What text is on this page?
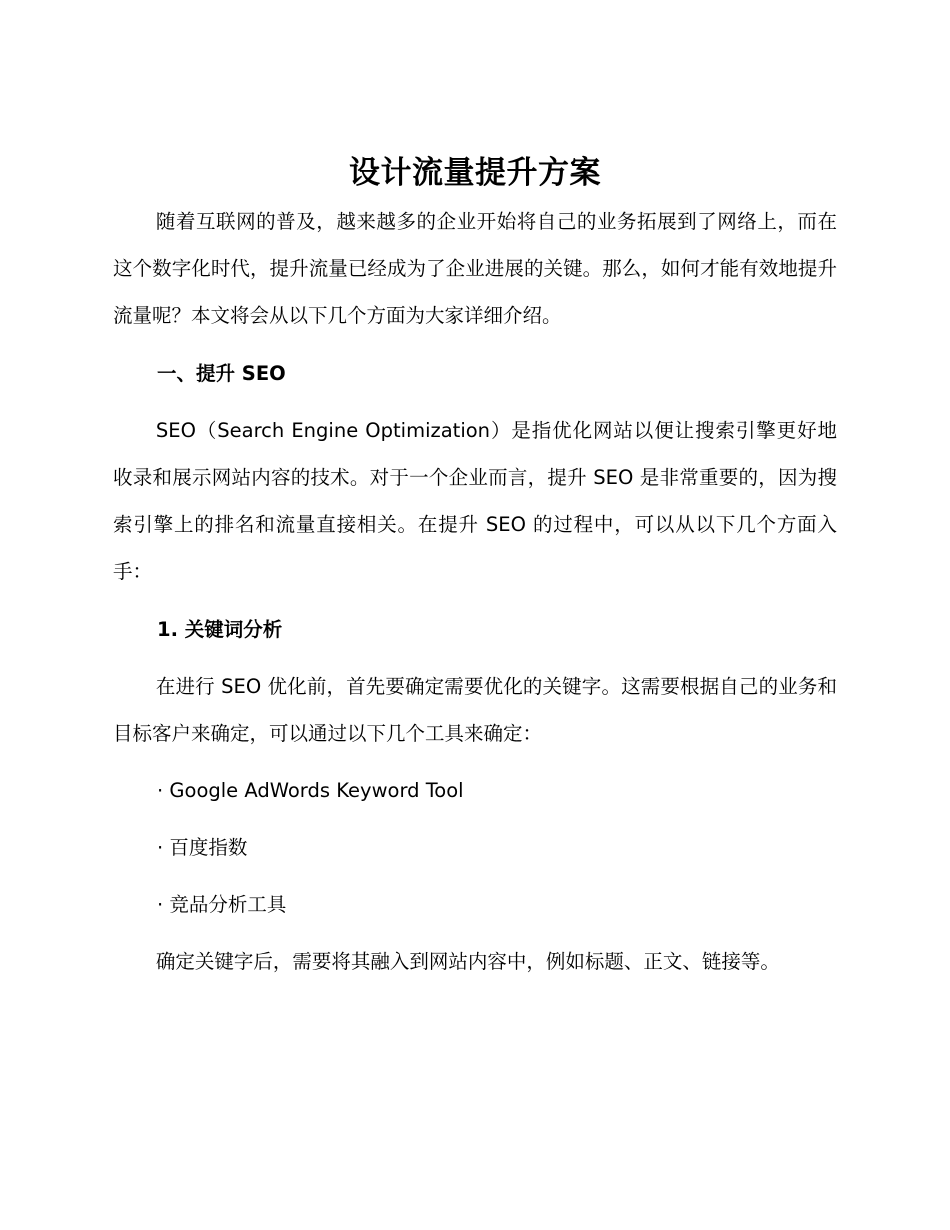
设计流量提升方案

随着互联网的普及，越来越多的企业开始将自己的业务拓展到了网络上，而在这个数字化时代，提升流量已经成为了企业进展的关键。那么，如何才能有效地提升流量呢？本文将会从以下几个方面为大家详细介绍。

一、提升 SEO

SEO（Search Engine Optimization）是指优化网站以便让搜索引擎更好地收录和展示网站内容的技术。对于一个企业而言，提升 SEO 是非常重要的，因为搜索引擎上的排名和流量直接相关。在提升 SEO 的过程中，可以从以下几个方面入手：

1. 关键词分析

在进行 SEO 优化前，首先要确定需要优化的关键字。这需要根据自己的业务和目标客户来确定，可以通过以下几个工具来确定：

· Google AdWords Keyword Tool

· 百度指数

· 竞品分析工具

确定关键字后，需要将其融入到网站内容中，例如标题、正文、链接等。
